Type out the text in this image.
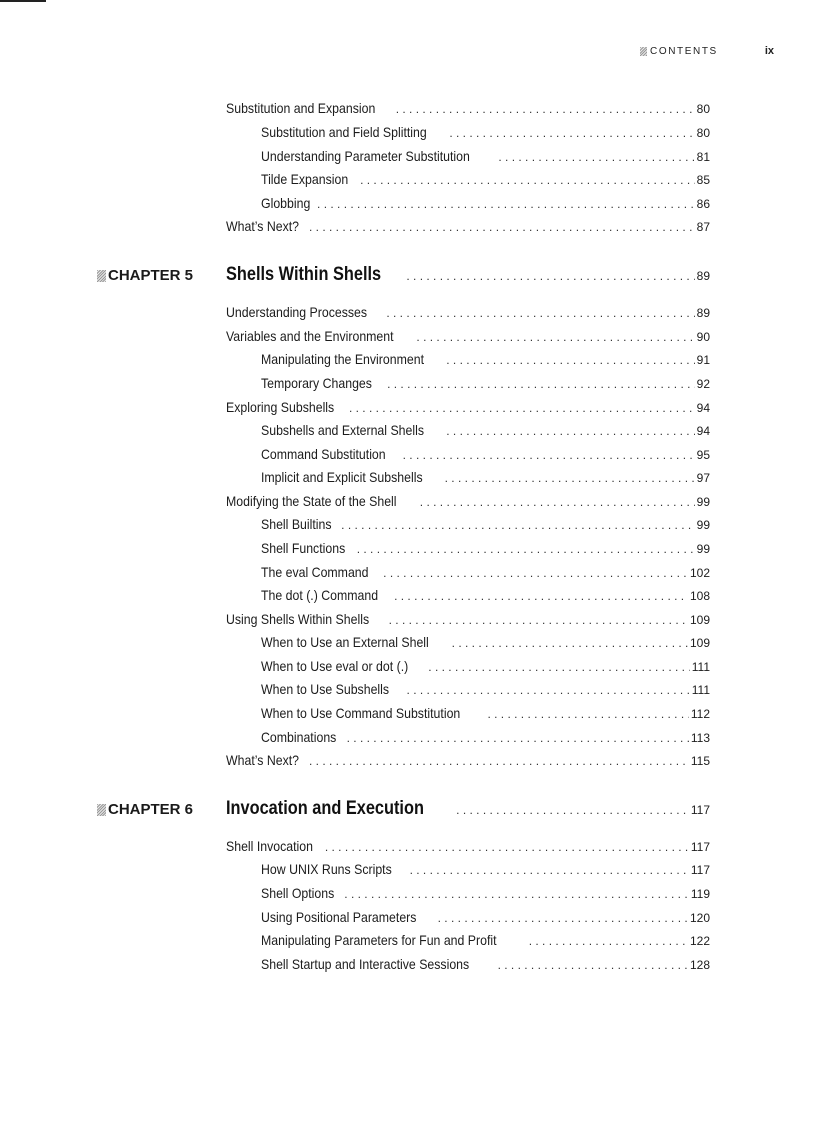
CONTENTS	ix
Substitution and Expansion . . .	80
Substitution and Field Splitting . . .	80
Understanding Parameter Substitution . . .	81
Tilde Expansion . . .	85
Globbing . . .	86
What’s Next? . . .	87
CHAPTER 5 Shells Within Shells . . .	89
Understanding Processes . . .	89
Variables and the Environment . . .	90
Manipulating the Environment . . .	91
Temporary Changes . . .	92
Exploring Subshells . . .	94
Subshells and External Shells . . .	94
Command Substitution . . .	95
Implicit and Explicit Subshells . . .	97
Modifying the State of the Shell . . .	99
Shell Builtins . . .	99
Shell Functions . . .	99
The eval Command . . .	102
The dot (.) Command . . .	108
Using Shells Within Shells . . .	109
When to Use an External Shell . . .	109
When to Use eval or dot (.) . . .	111
When to Use Subshells . . .	111
When to Use Command Substitution . . .	112
Combinations . . .	113
What’s Next? . . .	115
CHAPTER 6 Invocation and Execution . . .	117
Shell Invocation . . .	117
How UNIX Runs Scripts . . .	117
Shell Options . . .	119
Using Positional Parameters . . .	120
Manipulating Parameters for Fun and Profit . . .	122
Shell Startup and Interactive Sessions . . .	128
